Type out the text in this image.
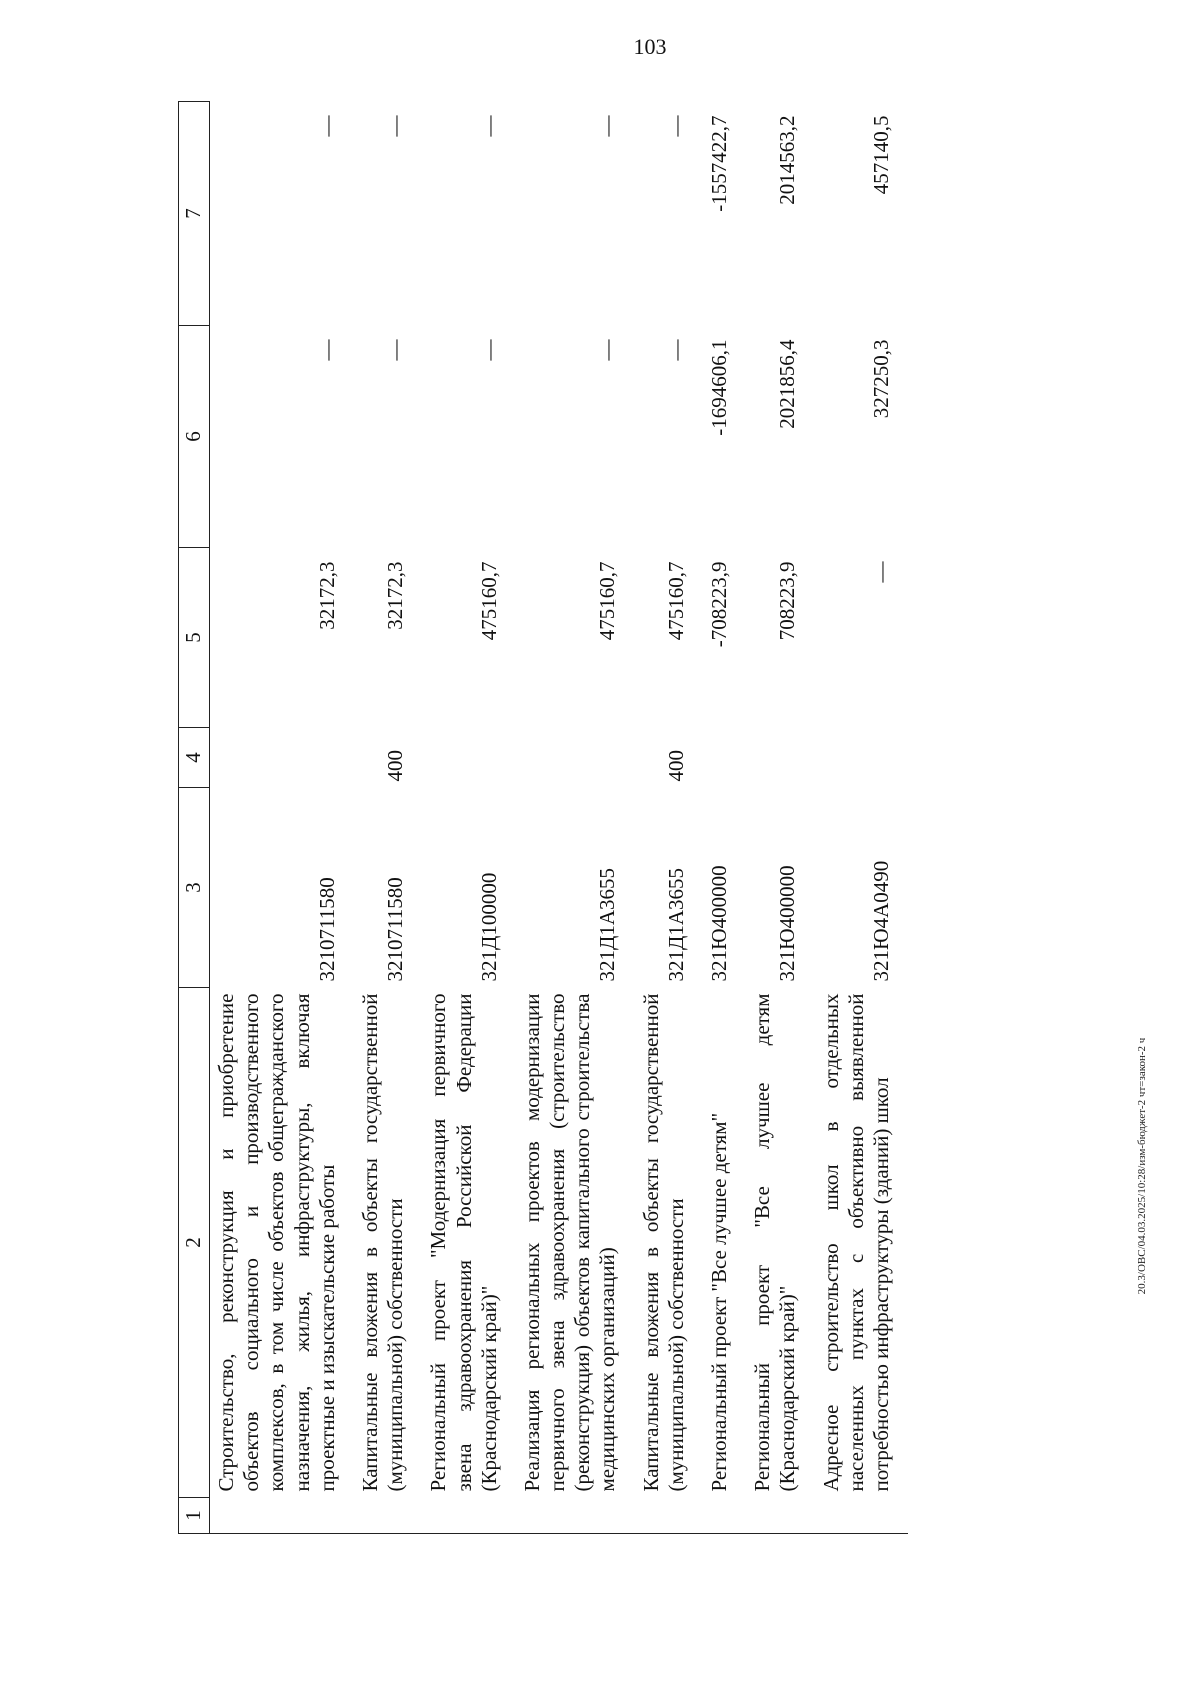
103
1	2	3	4	5	6	7
	Строительство, реконструкция и приобретение объектов социального и производственного комплексов, в том числе объектов общегражданского назначения, жилья, инфраструктуры, включая проектные и изыскательские работы	3210711580		32172,3	—	—
	Капитальные вложения в объекты государственной (муниципальной) собственности	3210711580	400	32172,3	—	—
	Региональный проект "Модернизация первичного звена здравоохранения Российской Федерации (Краснодарский край)"	321Д100000		475160,7	—	—
	Реализация региональных проектов модернизации первичного звена здравоохранения (строительство (реконструкция) объектов капитального строительства медицинских организаций)	321Д1А3655		475160,7	—	—
	Капитальные вложения в объекты государственной (муниципальной) собственности	321Д1А3655	400	475160,7	—	—
	Региональный проект "Все лучшее детям"	321Ю400000		-708223,9	-1694606,1	-1557422,7
	Региональный проект "Все лучшее детям (Краснодарский край)"	321Ю400000		708223,9	2021856,4	2014563,2
	Адресное строительство школ в отдельных населенных пунктах с объективно выявленной потребностью инфраструктуры (зданий) школ	321Ю4А0490		—	327250,3	457140,5
20.3/ОВС/04.03.2025/10:28/изм-бюджет-2 чт=закон-2 ч
